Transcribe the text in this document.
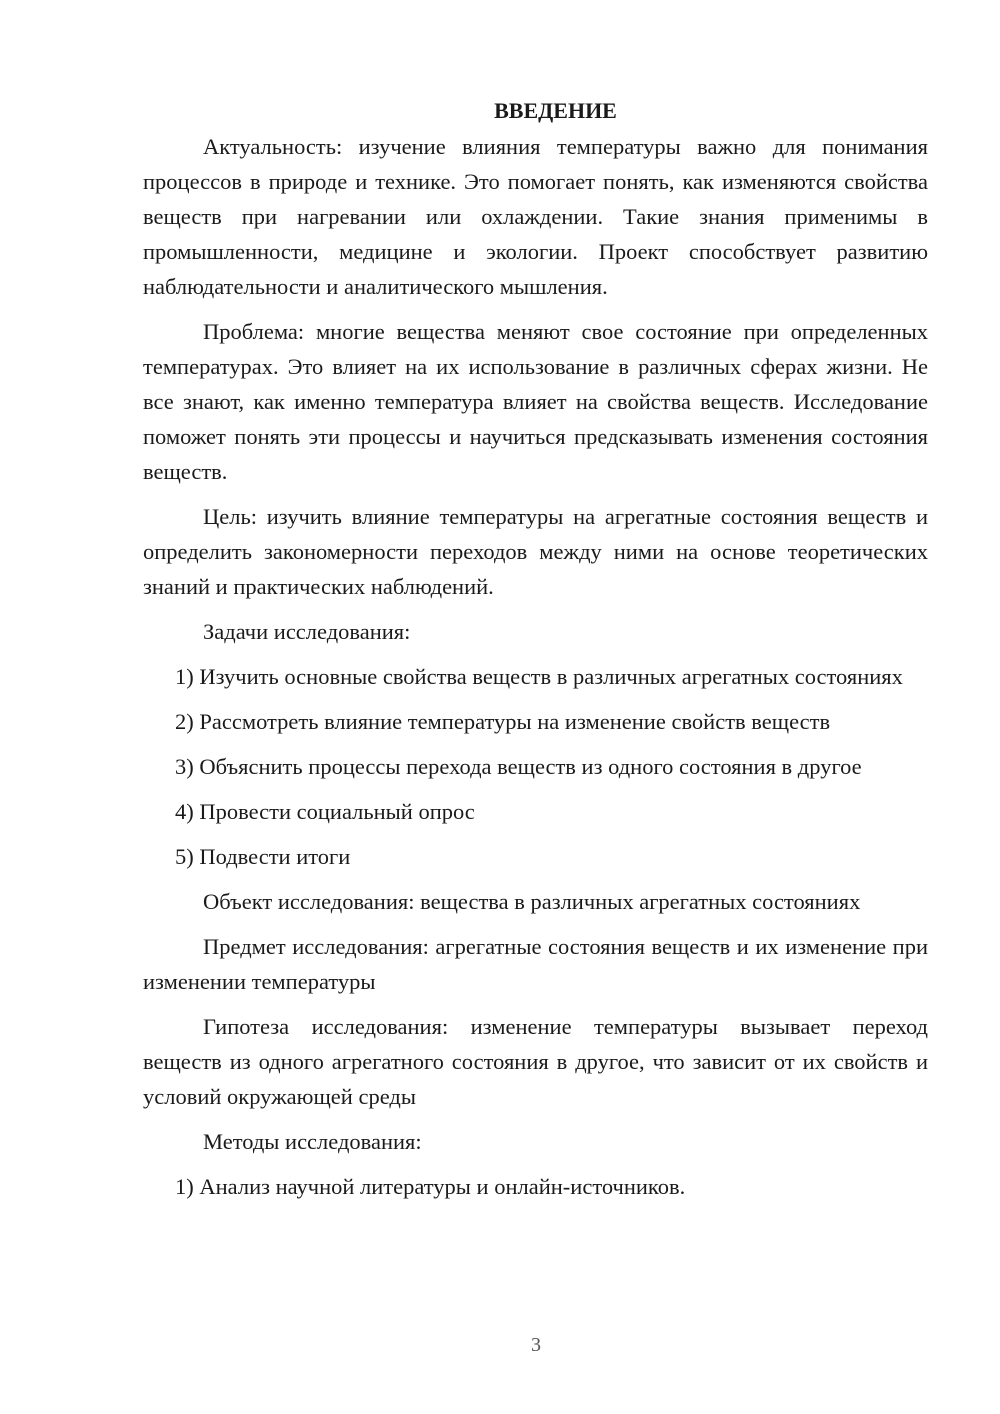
ВВЕДЕНИЕ

Актуальность: изучение влияния температуры важно для понимания процессов в природе и технике. Это помогает понять, как изменяются свойства веществ при нагревании или охлаждении. Такие знания применимы в промышленности, медицине и экологии. Проект способствует развитию наблюдательности и аналитического мышления.

Проблема: многие вещества меняют свое состояние при определенных температурах. Это влияет на их использование в различных сферах жизни. Не все знают, как именно температура влияет на свойства веществ. Исследование поможет понять эти процессы и научиться предсказывать изменения состояния веществ.

Цель: изучить влияние температуры на агрегатные состояния веществ и определить закономерности переходов между ними на основе теоретических знаний и практических наблюдений.

Задачи исследования:

1) Изучить основные свойства веществ в различных агрегатных состояниях

2) Рассмотреть влияние температуры на изменение свойств веществ

3) Объяснить процессы перехода веществ из одного состояния в другое

4) Провести социальный опрос

5) Подвести итоги

Объект исследования: вещества в различных агрегатных состояниях

Предмет исследования: агрегатные состояния веществ и их изменение при изменении температуры

Гипотеза исследования: изменение температуры вызывает переход веществ из одного агрегатного состояния в другое, что зависит от их свойств и условий окружающей среды

Методы исследования:

1) Анализ научной литературы и онлайн-источников.

3
